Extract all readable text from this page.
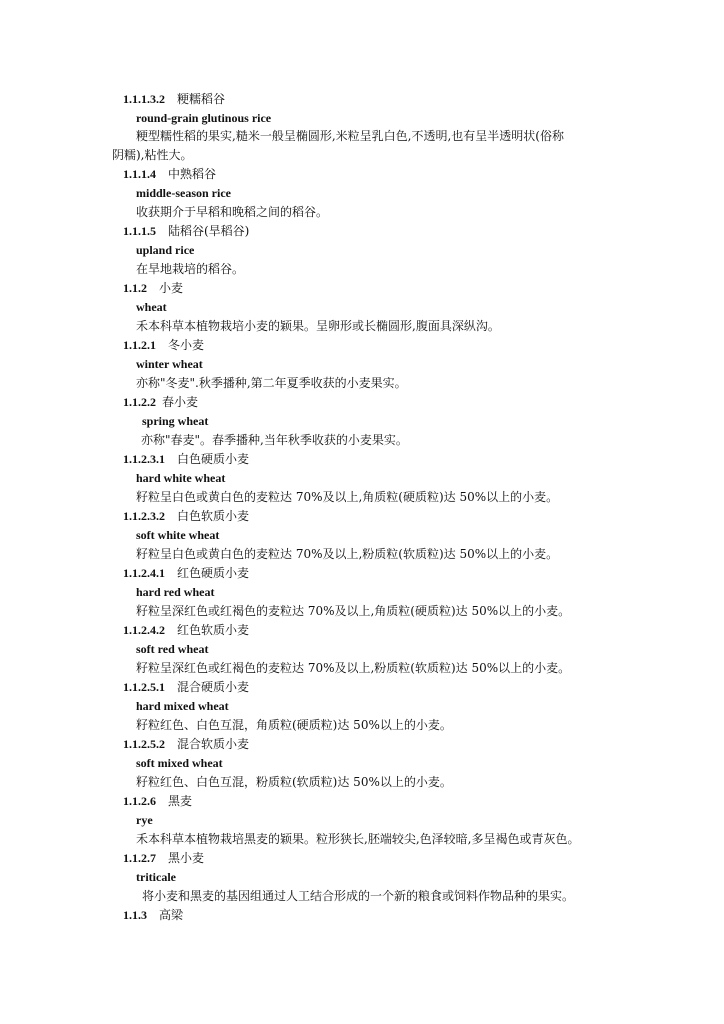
1.1.1.3.2 粳糯稻谷
round-grain glutinous rice
粳型糯性稻的果实,糙米一般呈椭圆形,米粒呈乳白色,不透明,也有呈半透明状(俗称
阴糯),粘性大。
1.1.1.4 中熟稻谷
middle-season rice
收获期介于早稻和晚稻之间的稻谷。
1.1.1.5 陆稻谷(旱稻谷)
upland rice
在旱地栽培的稻谷。
1.1.2 小麦
wheat
禾本科草本植物栽培小麦的颖果。呈卵形或长椭圆形,腹面具深纵沟。
1.1.2.1 冬小麦
winter wheat
亦称"冬麦".秋季播种,第二年夏季收获的小麦果实。
1.1.2.2 春小麦
spring wheat
亦称"春麦"。春季播种,当年秋季收获的小麦果实。
1.1.2.3.1 白色硬质小麦
hard white wheat
籽粒呈白色或黄白色的麦粒达 70%及以上,角质粒(硬质粒)达 50%以上的小麦。
1.1.2.3.2 白色软质小麦
soft white wheat
籽粒呈白色或黄白色的麦粒达 70%及以上,粉质粒(软质粒)达 50%以上的小麦。
1.1.2.4.1 红色硬质小麦
hard red wheat
籽粒呈深红色或红褐色的麦粒达 70%及以上,角质粒(硬质粒)达 50%以上的小麦。
1.1.2.4.2 红色软质小麦
soft red wheat
籽粒呈深红色或红褐色的麦粒达 70%及以上,粉质粒(软质粒)达 50%以上的小麦。
1.1.2.5.1 混合硬质小麦
hard mixed wheat
籽粒红色、白色互混，角质粒(硬质粒)达 50%以上的小麦。
1.1.2.5.2 混合软质小麦
soft mixed wheat
籽粒红色、白色互混，粉质粒(软质粒)达 50%以上的小麦。
1.1.2.6 黑麦
rye
禾本科草本植物栽培黑麦的颖果。粒形狭长,胚端较尖,色泽较暗,多呈褐色或青灰色。
1.1.2.7 黑小麦
triticale
将小麦和黑麦的基因组通过人工结合形成的一个新的粮食或饲料作物品种的果实。
1.1.3 高梁
